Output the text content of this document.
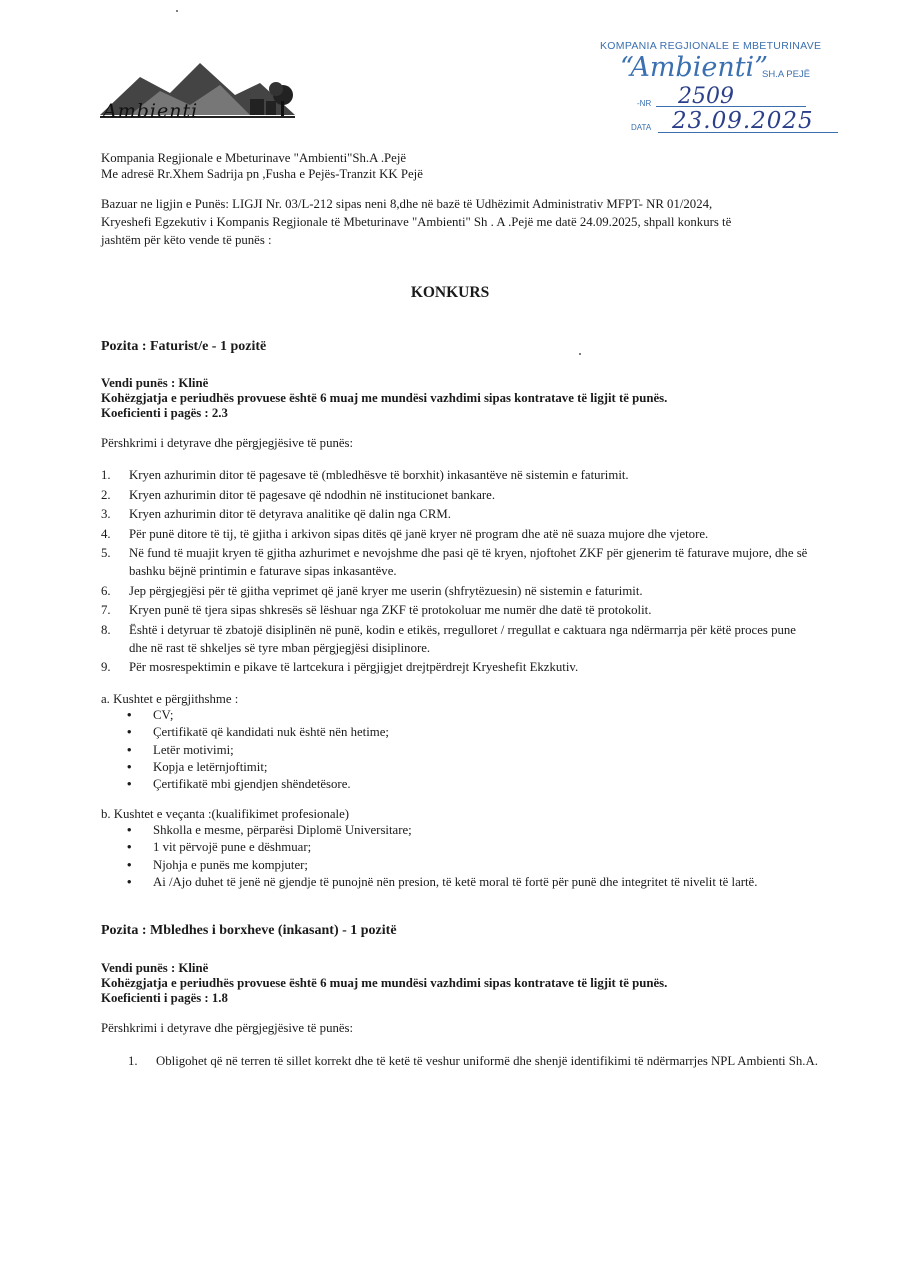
Ambienti
KOMPANIA REGJIONALE E MBETURINAVE
“Ambienti”
SH.A PEJË
-NR 2509
DATA 23.09.2025
Kompania Regjionale e Mbeturinave "Ambienti"Sh.A .Pejë
Me adresë Rr.Xhem Sadrija pn ,Fusha e Pejës-Tranzit KK Pejë
Bazuar ne ligjin e Punës: LIGJI Nr. 03/L-212 sipas neni 8,dhe në bazë të Udhëzimit Administrativ MFPT- NR 01/2024,
Kryeshefi Egzekutiv i Kompanis Regjionale të Mbeturinave "Ambienti" Sh . A .Pejë me datë 24.09.2025, shpall konkurs të
jashtëm për këto vende të punës :
KONKURS
Pozita : Faturist/e - 1 pozitë
Vendi punës : Klinë
Kohëzgjatja e periudhës provuese është 6 muaj me mundësi vazhdimi sipas kontratave të ligjit të punës.
Koeficienti i pagës : 2.3
Përshkrimi i detyrave dhe përgjegjësive të punës:
1. Kryen azhurimin ditor të pagesave të (mbledhësve të borxhit) inkasantëve në sistemin e faturimit.
2. Kryen azhurimin ditor të pagesave që ndodhin në institucionet bankare.
3. Kryen azhurimin ditor të detyrava analitike që dalin nga CRM.
4. Për punë ditore të tij, të gjitha i arkivon sipas ditës që janë kryer në program dhe atë në suaza mujore dhe vjetore.
5. Në fund të muajit kryen të gjitha azhurimet e nevojshme dhe pasi që të kryen, njoftohet ZKF për gjenerim të faturave mujore, dhe së bashku bëjnë printimin e faturave sipas inkasantëve.
6. Jep përgjegjësi për të gjitha veprimet që janë kryer me userin (shfrytëzuesin) në sistemin e faturimit.
7. Kryen punë të tjera sipas shkresës së lëshuar nga ZKF të protokoluar me numër dhe datë të protokolit.
8. Është i detyruar të zbatojë disiplinën në punë, kodin e etikës, rregulloret / rregullat e caktuara nga ndërmarrja për këtë proces pune dhe në rast të shkeljes së tyre mban përgjegjësi disiplinore.
9. Për mosrespektimin e pikave të lartcekura i përgjigjet drejtpërdrejt Kryeshefit Ekzkutiv.
a. Kushtet e përgjithshme :
• CV;
• Çertifikatë që kandidati nuk është nën hetime;
• Letër motivimi;
• Kopja e letërnjoftimit;
• Çertifikatë mbi gjendjen shëndetësore.
b. Kushtet e veçanta :(kualifikimet profesionale)
• Shkolla e mesme, përparësi Diplomë Universitare;
• 1 vit përvojë pune e dëshmuar;
• Njohja e punës me kompjuter;
• Ai /Ajo duhet të jenë në gjendje të punojnë nën presion, të ketë moral të fortë për punë dhe integritet të nivelit të lartë.
Pozita : Mbledhes i borxheve (inkasant) - 1 pozitë
Vendi punës : Klinë
Kohëzgjatja e periudhës provuese është 6 muaj me mundësi vazhdimi sipas kontratave të ligjit të punës.
Koeficienti i pagës : 1.8
Përshkrimi i detyrave dhe përgjegjësive të punës:
1. Obligohet që në terren të sillet korrekt dhe të ketë të veshur uniformë dhe shenjë identifikimi të ndërmarrjes NPL Ambienti Sh.A.
